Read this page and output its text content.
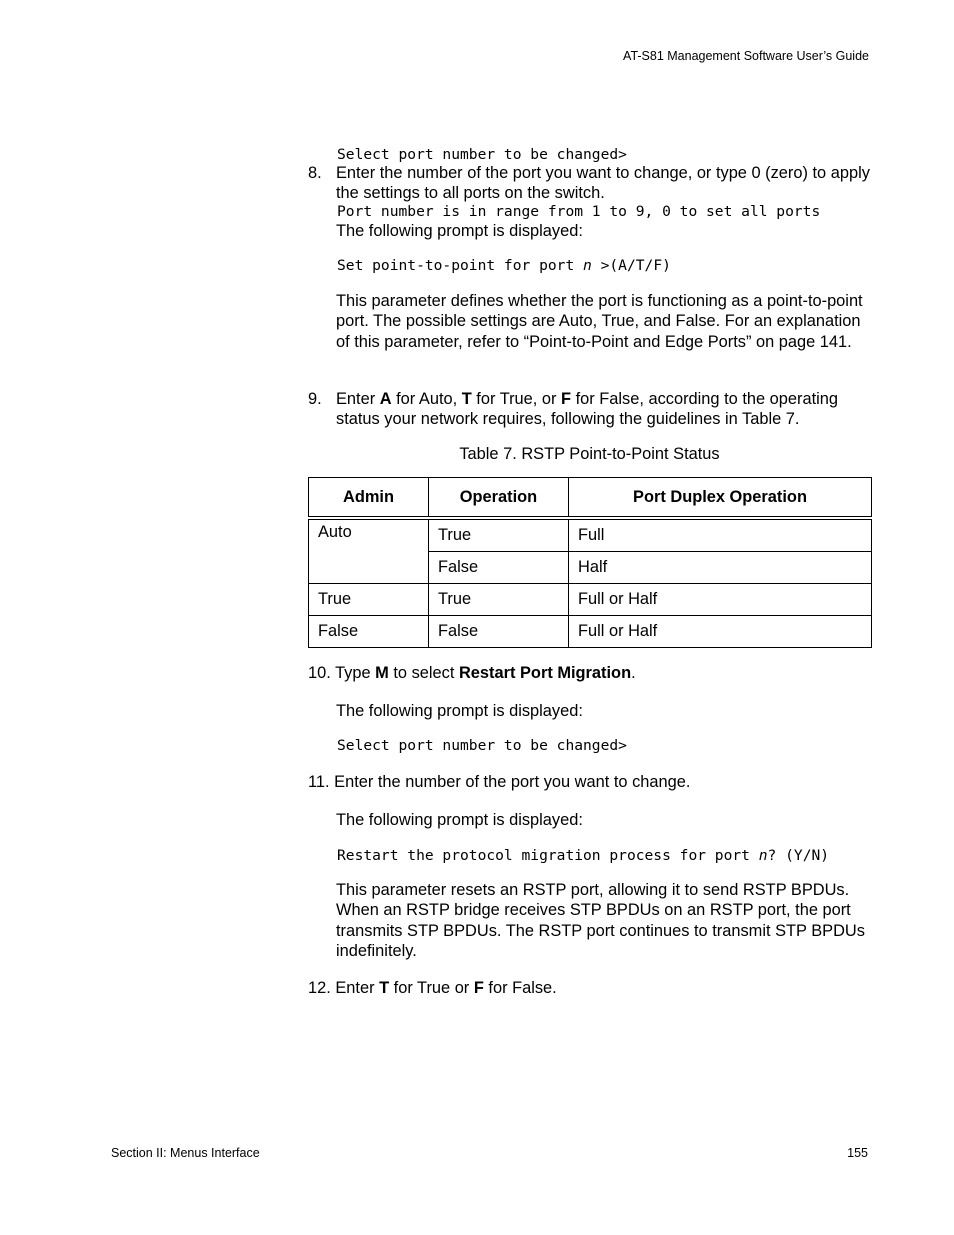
AT-S81 Management Software User’s Guide

Select port number to be changed>

Port number is in range from 1 to 9, 0 to set all ports

8. Enter the number of the port you want to change, or type 0 (zero) to apply the settings to all ports on the switch.
The following prompt is displayed:
Set point-to-point for port n >(A/T/F)
This parameter defines whether the port is functioning as a point-to-point port. The possible settings are Auto, True, and False. For an explanation of this parameter, refer to “Point-to-Point and Edge Ports” on page 141.
9. Enter A for Auto, T for True, or F for False, according to the operating status your network requires, following the guidelines in Table 7.
Table 7. RSTP Point-to-Point Status
Admin	Operation	Port Duplex Operation
Auto	True	Full
	False	Half
True	True	Full or Half
False	False	Full or Half
10. Type M to select Restart Port Migration.
The following prompt is displayed:
Select port number to be changed>
11. Enter the number of the port you want to change.
The following prompt is displayed:
Restart the protocol migration process for port n? (Y/N)
This parameter resets an RSTP port, allowing it to send RSTP BPDUs. When an RSTP bridge receives STP BPDUs on an RSTP port, the port transmits STP BPDUs. The RSTP port continues to transmit STP BPDUs indefinitely.
12. Enter T for True or F for False.
Section II: Menus Interface	155
